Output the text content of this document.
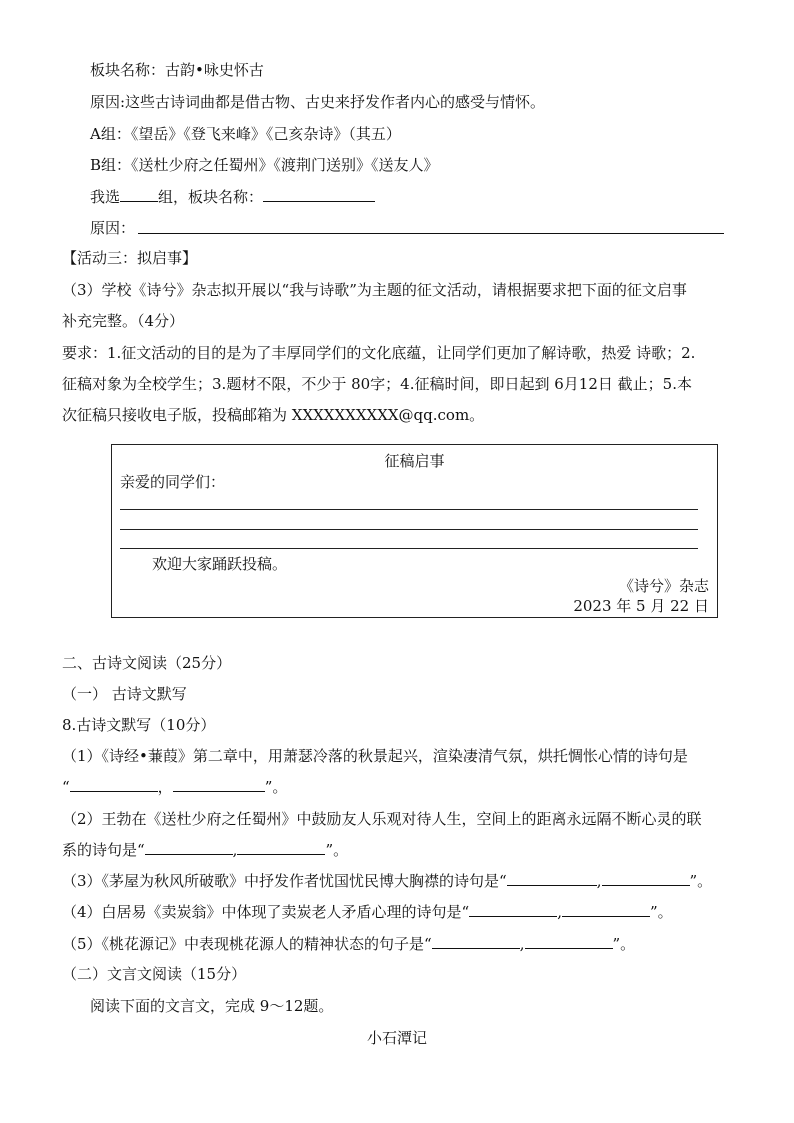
板块名称：古韵•咏史怀古
原因:这些古诗词曲都是借古物、古史来抒发作者内心的感受与情怀。
A组：《望岳》《登飞来峰》《己亥杂诗》（其五）
B组：《送杜少府之任蜀州》《渡荆门送别》《送友人》
我选	组，板块名称：
原因：
【活动三：拟启事】
（3）学校《诗兮》杂志拟开展以“我与诗歌”为主题的征文活动，请根据要求把下面的征文启事
补充完整。（4分）
要求：1.征文活动的目的是为了丰厚同学们的文化底蕴，让同学们更加了解诗歌，热爱 诗歌；2.
征稿对象为全校学生；3.题材不限，不少于 80字；4.征稿时间，即日起到 6月12日 截止；5.本
次征稿只接收电子版，投稿邮箱为 XXXXXXXXXX@qq.com。
征稿启事
亲爱的同学们：
欢迎大家踊跃投稿。
《诗兮》杂志
2023 年 5 月 22 日
二、古诗文阅读（25分）
（一） 古诗文默写
8.古诗文默写（10分）
（1）《诗经•蒹葭》第二章中，用萧瑟冷落的秋景起兴，渲染凄清气氛，烘托惆怅心情的诗句是
“	，	”。
（2）王勃在《送杜少府之任蜀州》中鼓励友人乐观对待人生，空间上的距离永远隔不断心灵的联
系的诗句是“	,	”。
（3）《茅屋为秋风所破歌》中抒发作者忧国忧民博大胸襟的诗句是“	,	”。
（4）白居易《卖炭翁》中体现了卖炭老人矛盾心理的诗句是“	,	”。
（5）《桃花源记》中表现桃花源人的精神状态的句子是“	,	”。
（二）文言文阅读（15分）
阅读下面的文言文，完成 9～12题。
小石潭记
